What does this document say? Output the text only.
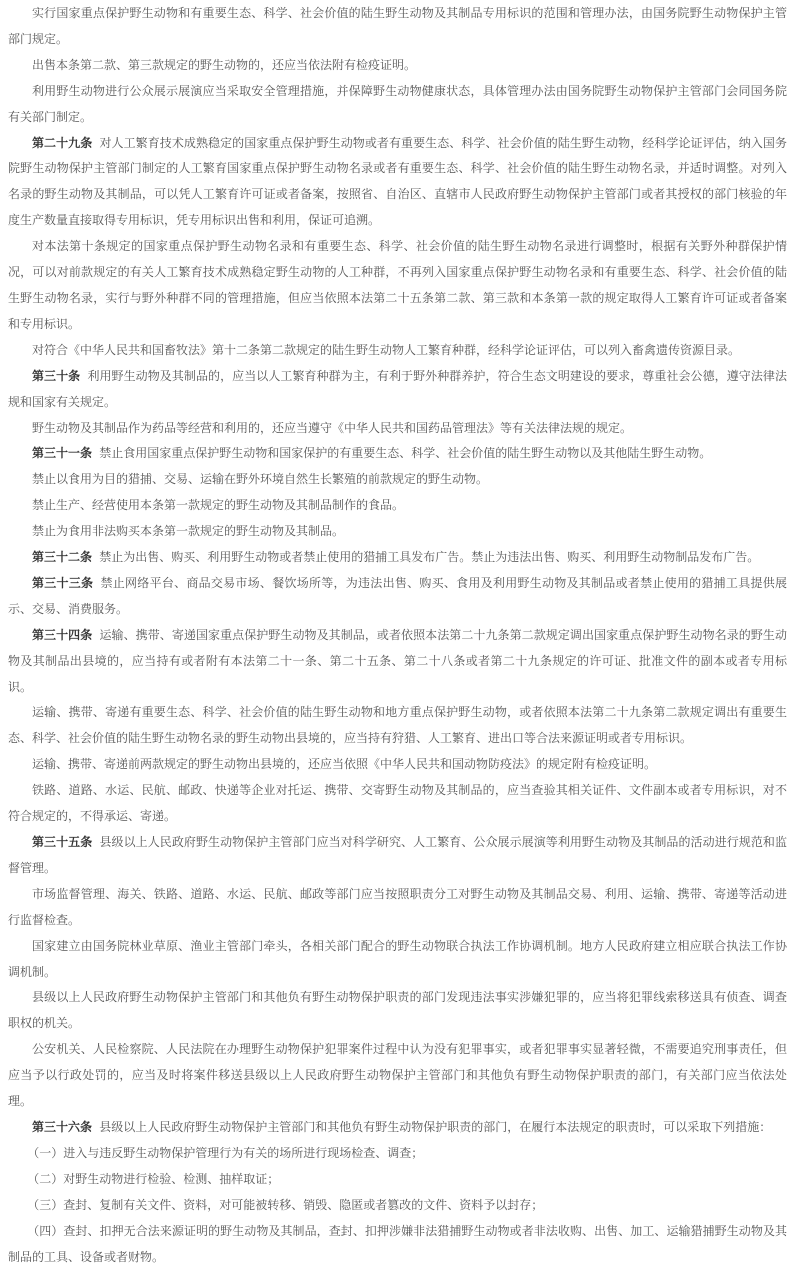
实行国家重点保护野生动物和有重要生态、科学、社会价值的陆生野生动物及其制品专用标识的范围和管理办法，由国务院野生动物保护主管部门规定。

出售本条第二款、第三款规定的野生动物的，还应当依法附有检疫证明。

利用野生动物进行公众展示展演应当采取安全管理措施，并保障野生动物健康状态，具体管理办法由国务院野生动物保护主管部门会同国务院有关部门制定。

第二十九条 对人工繁育技术成熟稳定的国家重点保护野生动物或者有重要生态、科学、社会价值的陆生野生动物，经科学论证评估，纳入国务院野生动物保护主管部门制定的人工繁育国家重点保护野生动物名录或者有重要生态、科学、社会价值的陆生野生动物名录，并适时调整。对列入名录的野生动物及其制品，可以凭人工繁育许可证或者备案，按照省、自治区、直辖市人民政府野生动物保护主管部门或者其授权的部门核验的年度生产数量直接取得专用标识，凭专用标识出售和利用，保证可追溯。

对本法第十条规定的国家重点保护野生动物名录和有重要生态、科学、社会价值的陆生野生动物名录进行调整时，根据有关野外种群保护情况，可以对前款规定的有关人工繁育技术成熟稳定野生动物的人工种群，不再列入国家重点保护野生动物名录和有重要生态、科学、社会价值的陆生野生动物名录，实行与野外种群不同的管理措施，但应当依照本法第二十五条第二款、第三款和本条第一款的规定取得人工繁育许可证或者备案和专用标识。

对符合《中华人民共和国畜牧法》第十二条第二款规定的陆生野生动物人工繁育种群，经科学论证评估，可以列入畜禽遗传资源目录。

第三十条 利用野生动物及其制品的，应当以人工繁育种群为主，有利于野外种群养护，符合生态文明建设的要求，尊重社会公德，遵守法律法规和国家有关规定。

野生动物及其制品作为药品等经营和利用的，还应当遵守《中华人民共和国药品管理法》等有关法律法规的规定。

第三十一条 禁止食用国家重点保护野生动物和国家保护的有重要生态、科学、社会价值的陆生野生动物以及其他陆生野生动物。

禁止以食用为目的猎捕、交易、运输在野外环境自然生长繁殖的前款规定的野生动物。

禁止生产、经营使用本条第一款规定的野生动物及其制品制作的食品。

禁止为食用非法购买本条第一款规定的野生动物及其制品。

第三十二条 禁止为出售、购买、利用野生动物或者禁止使用的猎捕工具发布广告。禁止为违法出售、购买、利用野生动物制品发布广告。

第三十三条 禁止网络平台、商品交易市场、餐饮场所等，为违法出售、购买、食用及利用野生动物及其制品或者禁止使用的猎捕工具提供展示、交易、消费服务。

第三十四条 运输、携带、寄递国家重点保护野生动物及其制品，或者依照本法第二十九条第二款规定调出国家重点保护野生动物名录的野生动物及其制品出县境的，应当持有或者附有本法第二十一条、第二十五条、第二十八条或者第二十九条规定的许可证、批准文件的副本或者专用标识。

运输、携带、寄递有重要生态、科学、社会价值的陆生野生动物和地方重点保护野生动物，或者依照本法第二十九条第二款规定调出有重要生态、科学、社会价值的陆生野生动物名录的野生动物出县境的，应当持有狩猎、人工繁育、进出口等合法来源证明或者专用标识。

运输、携带、寄递前两款规定的野生动物出县境的，还应当依照《中华人民共和国动物防疫法》的规定附有检疫证明。

铁路、道路、水运、民航、邮政、快递等企业对托运、携带、交寄野生动物及其制品的，应当查验其相关证件、文件副本或者专用标识，对不符合规定的，不得承运、寄递。

第三十五条 县级以上人民政府野生动物保护主管部门应当对科学研究、人工繁育、公众展示展演等利用野生动物及其制品的活动进行规范和监督管理。

市场监督管理、海关、铁路、道路、水运、民航、邮政等部门应当按照职责分工对野生动物及其制品交易、利用、运输、携带、寄递等活动进行监督检查。

国家建立由国务院林业草原、渔业主管部门牵头，各相关部门配合的野生动物联合执法工作协调机制。地方人民政府建立相应联合执法工作协调机制。

县级以上人民政府野生动物保护主管部门和其他负有野生动物保护职责的部门发现违法事实涉嫌犯罪的，应当将犯罪线索移送具有侦查、调查职权的机关。

公安机关、人民检察院、人民法院在办理野生动物保护犯罪案件过程中认为没有犯罪事实，或者犯罪事实显著轻微，不需要追究刑事责任，但应当予以行政处罚的，应当及时将案件移送县级以上人民政府野生动物保护主管部门和其他负有野生动物保护职责的部门，有关部门应当依法处理。

第三十六条 县级以上人民政府野生动物保护主管部门和其他负有野生动物保护职责的部门，在履行本法规定的职责时，可以采取下列措施：

（一）进入与违反野生动物保护管理行为有关的场所进行现场检查、调查；

（二）对野生动物进行检验、检测、抽样取证；

（三）查封、复制有关文件、资料，对可能被转移、销毁、隐匿或者篡改的文件、资料予以封存；

（四）查封、扣押无合法来源证明的野生动物及其制品，查封、扣押涉嫌非法猎捕野生动物或者非法收购、出售、加工、运输猎捕野生动物及其制品的工具、设备或者财物。
